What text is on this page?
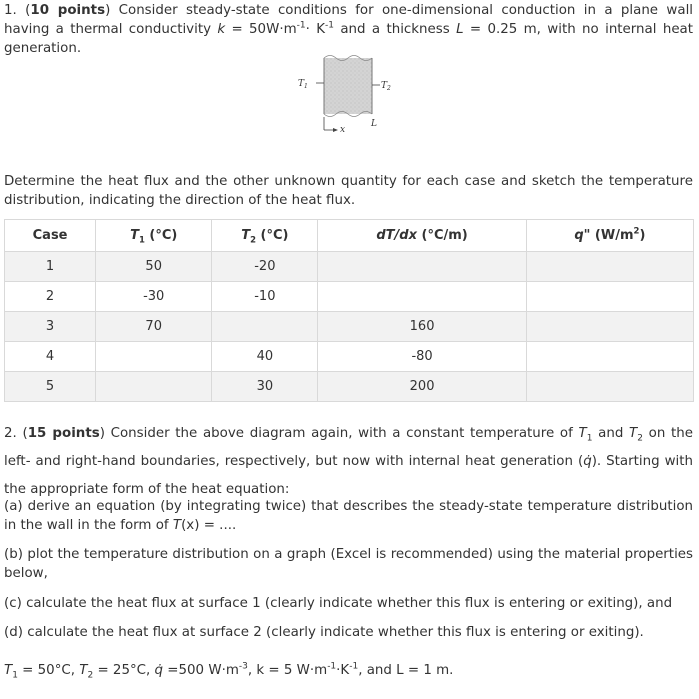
1. (10 points) Consider steady-state conditions for one-dimensional conduction in a plane wall having a thermal conductivity $k = 50W\cdot m^{-1}\cdot K^{-1}$ and a thickness L = 0.25 m, with no internal heat generation.
$T_1$	$T_2$
x
L
Determine the heat flux and the other unknown quantity for each case and sketch the temperature distribution, indicating the direction of the heat flux.
Case	$T_1$ (°C)	$T_2$ (°C)	dT/dx (°C/m)	q" $(W/m^2)$
1	50	-20		
2	-30	-10		
3	70		160	
4		40	-80	
5		30	200	
2. (15 points) Consider the above diagram again, with a constant temperature of $T_1$ and $T_2$ on the left- and right-hand boundaries, respectively, but now with internal heat generation (q̇). Starting with the appropriate form of the heat equation:
(a) derive an equation (by integrating twice) that describes the steady-state temperature distribution in the wall in the form of T(x) = ....
(b) plot the temperature distribution on a graph (Excel is recommended) using the material properties below,
(c) calculate the heat flux at surface 1 (clearly indicate whether this flux is entering or exiting), and
(d) calculate the heat flux at surface 2 (clearly indicate whether this flux is entering or exiting).
$T_1 = 50^\circ C$, $T_2 = 25^\circ C$, q̇ =500 $W\cdot m^{-3}$, k = 5 $W\cdot m^{-1}\cdot K^{-1}$, and L = 1 m.
